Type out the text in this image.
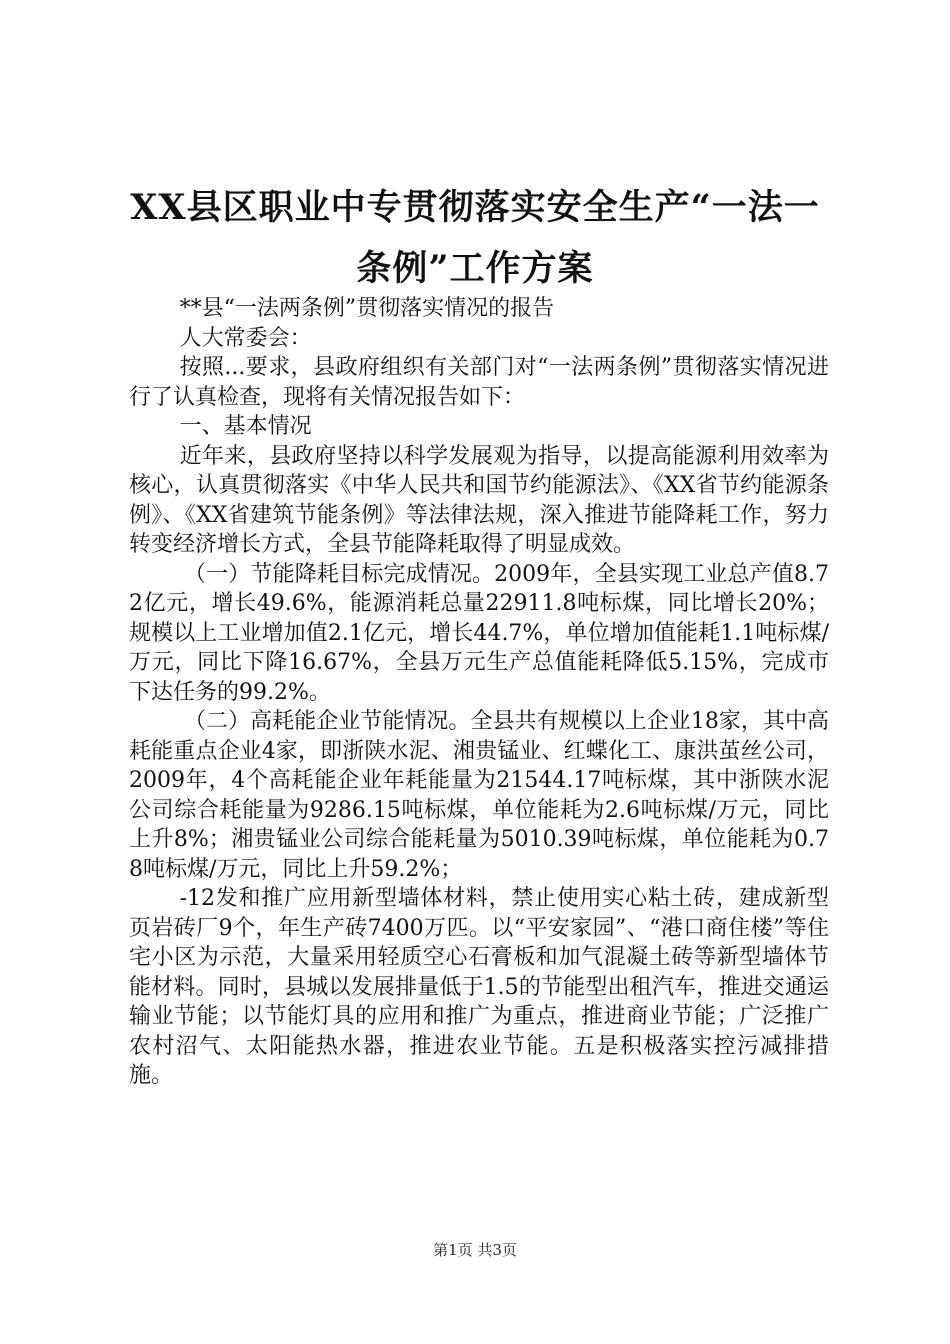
XX县区职业中专贯彻落实安全生产“一法一
条例”工作方案

**县“一法两条例”贯彻落实情况的报告

人大常委会：

按照...要求，县政府组织有关部门对“一法两条例”贯彻落实情况进行了认真检查，现将有关情况报告如下：

一、基本情况

近年来，县政府坚持以科学发展观为指导，以提高能源利用效率为核心，认真贯彻落实《中华人民共和国节约能源法》、《XX省节约能源条例》、《XX省建筑节能条例》等法律法规，深入推进节能降耗工作，努力转变经济增长方式，全县节能降耗取得了明显成效。

（一）节能降耗目标完成情况。2009年，全县实现工业总产值8.72亿元，增长49.6%，能源消耗总量22911.8吨标煤，同比增长20%；规模以上工业增加值2.1亿元，增长44.7%，单位增加值能耗1.1吨标煤/万元，同比下降16.67%，全县万元生产总值能耗降低5.15%，完成市下达任务的99.2%。

（二）高耗能企业节能情况。全县共有规模以上企业18家，其中高耗能重点企业4家，即浙陕水泥、湘贵锰业、红蝶化工、康洪茧丝公司，2009年，4个高耗能企业年耗能量为21544.17吨标煤，其中浙陕水泥公司综合耗能量为9286.15吨标煤，单位能耗为2.6吨标煤/万元，同比上升8%；湘贵锰业公司综合能耗量为5010.39吨标煤，单位能耗为0.78吨标煤/万元，同比上升59.2%；

-12发和推广应用新型墙体材料，禁止使用实心粘土砖，建成新型页岩砖厂9个，年生产砖7400万匹。以“平安家园”、“港口商住楼”等住宅小区为示范，大量采用轻质空心石膏板和加气混凝土砖等新型墙体节能材料。同时，县城以发展排量低于1.5的节能型出租汽车，推进交通运输业节能；以节能灯具的应用和推广为重点，推进商业节能；广泛推广农村沼气、太阳能热水器，推进农业节能。五是积极落实控污减排措施。

第1页 共3页
